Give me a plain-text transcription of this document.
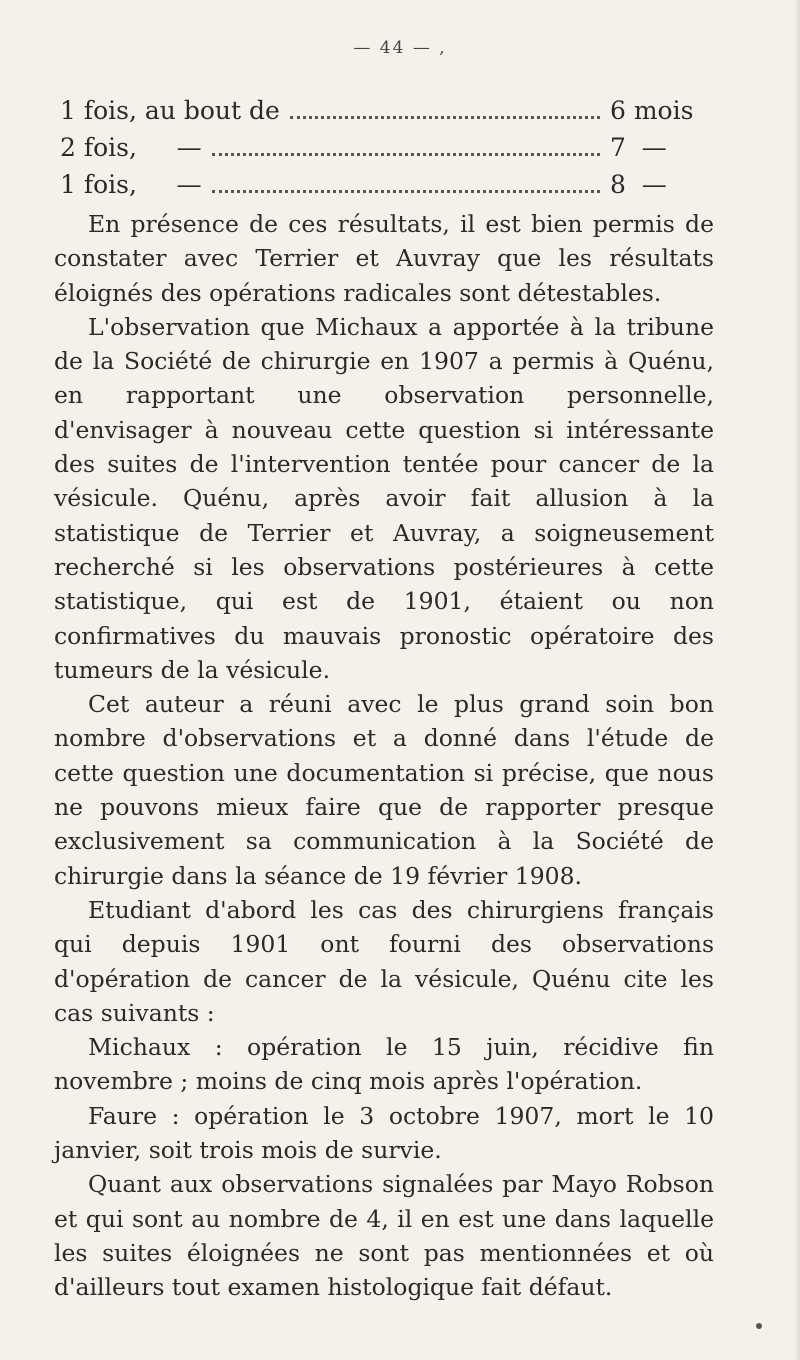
— 44 — ,
1 fois, au bout de	6 mois
2 fois,     —	7  —
1 fois,     —	8  —

En présence de ces résultats, il est bien permis de constater avec Terrier et Auvray que les résultats éloignés des opérations radicales sont détestables.

L'observation que Michaux a apportée à la tribune de la Société de chirurgie en 1907 a permis à Quénu, en rapportant une observation personnelle, d'envisager à nouveau cette question si intéressante des suites de l'intervention tentée pour cancer de la vésicule. Quénu, après avoir fait allusion à la statistique de Terrier et Auvray, a soigneusement recherché si les observations postérieures à cette statistique, qui est de 1901, étaient ou non confirmatives du mauvais pronostic opératoire des tumeurs de la vésicule.

Cet auteur a réuni avec le plus grand soin bon nombre d'observations et a donné dans l'étude de cette question une documentation si précise, que nous ne pouvons mieux faire que de rapporter presque exclusivement sa communication à la Société de chirurgie dans la séance de 19 février 1908.

Etudiant d'abord les cas des chirurgiens français qui depuis 1901 ont fourni des observations d'opération de cancer de la vésicule, Quénu cite les cas suivants :

Michaux : opération le 15 juin, récidive fin novembre ; moins de cinq mois après l'opération.

Faure : opération le 3 octobre 1907, mort le 10 janvier, soit trois mois de survie.

Quant aux observations signalées par Mayo Robson et qui sont au nombre de 4, il en est une dans laquelle les suites éloignées ne sont pas mentionnées et où d'ailleurs tout examen histologique fait défaut.
